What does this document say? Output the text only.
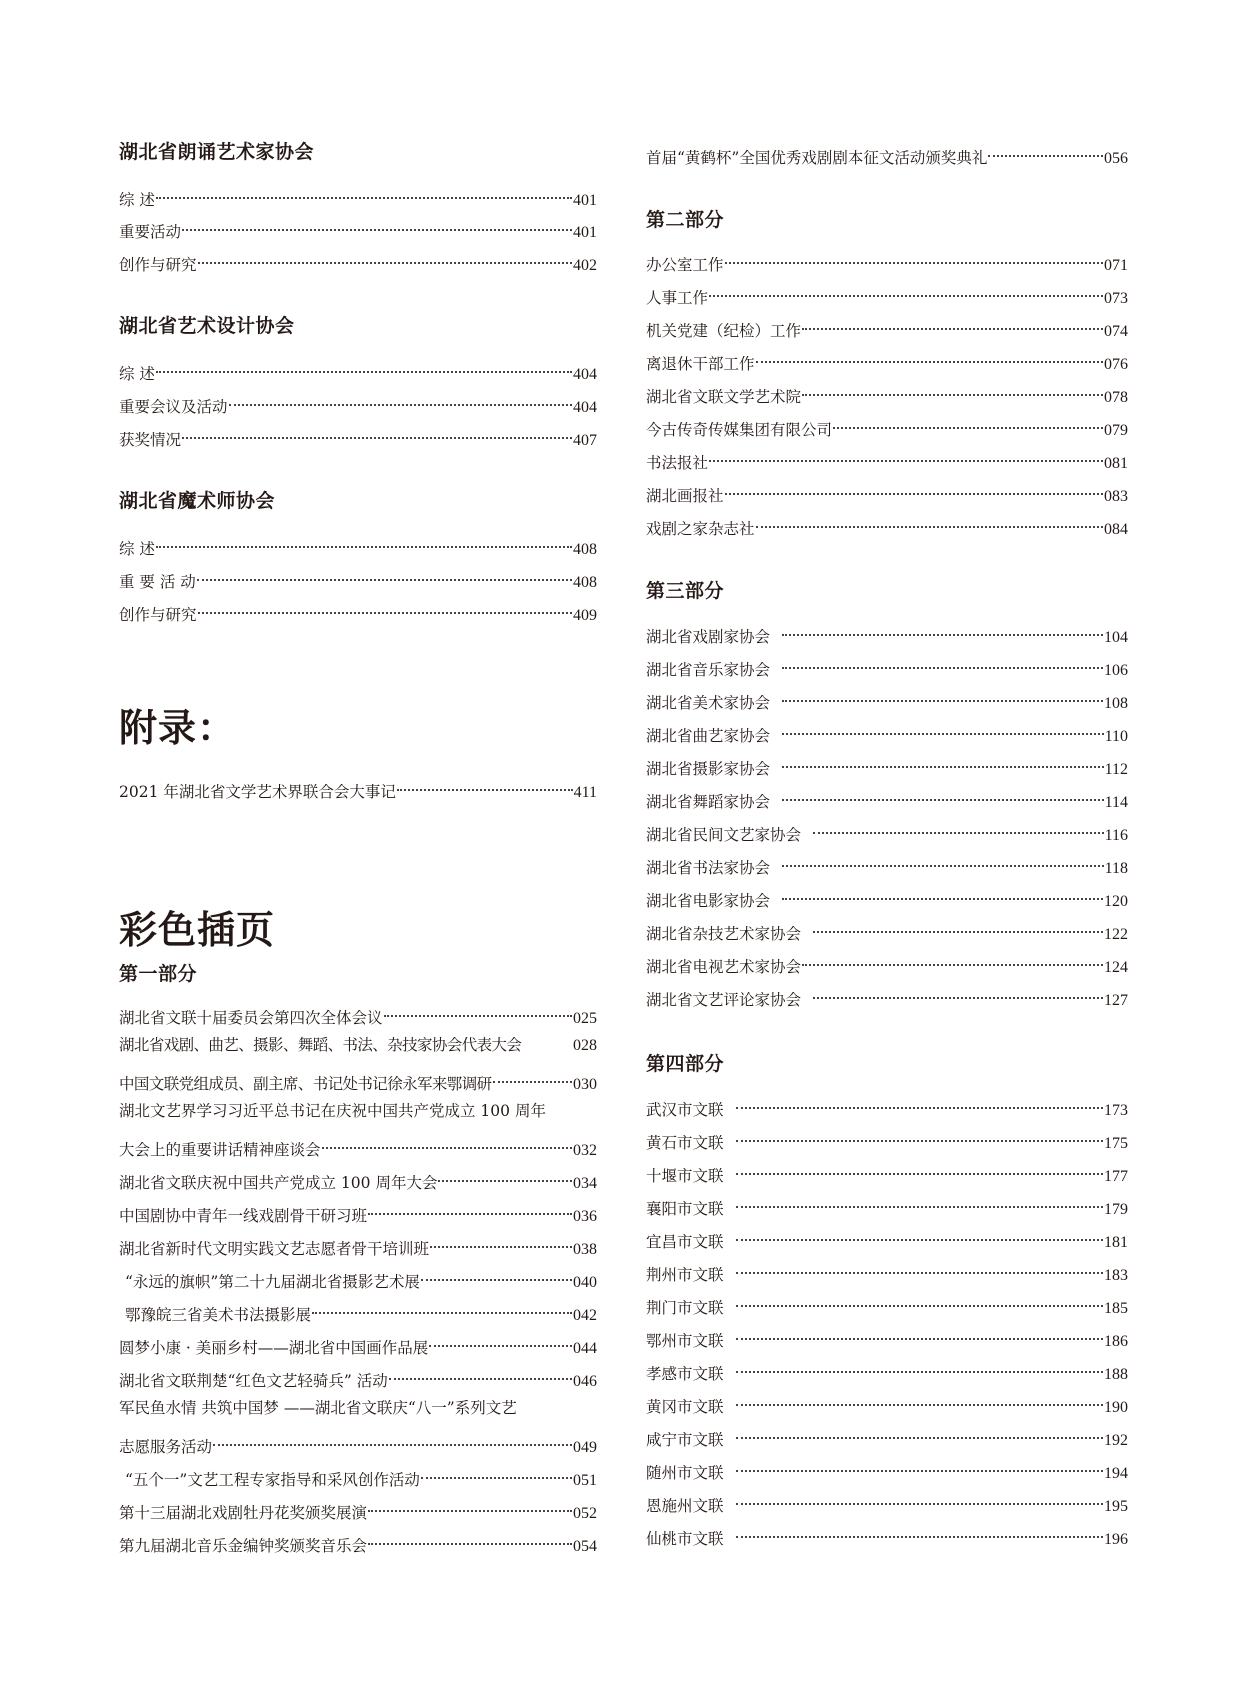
湖北省朗诵艺术家协会
综 述	401
重要活动	401
创作与研究	402
湖北省艺术设计协会
综 述	404
重要会议及活动	404
获奖情况	407
湖北省魔术师协会
综 述	408
重 要 活 动	408
创作与研究	409
附录：
2021 年湖北省文学艺术界联合会大事记	411
彩色插页
第一部分
湖北省文联十届委员会第四次全体会议	025
湖北省戏剧、曲艺、摄影、舞蹈、书法、杂技家协会代表大会	028
中国文联党组成员、副主席、书记处书记徐永军来鄂调研	030
湖北文艺界学习习近平总书记在庆祝中国共产党成立 100 周年
大会上的重要讲话精神座谈会	032
湖北省文联庆祝中国共产党成立 100 周年大会	034
中国剧协中青年一线戏剧骨干研习班	036
湖北省新时代文明实践文艺志愿者骨干培训班	038
“永远的旗帜”第二十九届湖北省摄影艺术展	040
鄂豫皖三省美术书法摄影展	042
圆梦小康 · 美丽乡村——湖北省中国画作品展	044
湖北省文联荆楚“红色文艺轻骑兵” 活动	046
军民鱼水情 共筑中国梦 ——湖北省文联庆“八一”系列文艺
志愿服务活动	049
“五个一”文艺工程专家指导和采风创作活动	051
第十三届湖北戏剧牡丹花奖颁奖展演	052
第九届湖北音乐金编钟奖颁奖音乐会	054
首届“黄鹤杯”全国优秀戏剧剧本征文活动颁奖典礼	056
第二部分
办公室工作	071
人事工作	073
机关党建（纪检）工作	074
离退休干部工作	076
湖北省文联文学艺术院	078
今古传奇传媒集团有限公司	079
书法报社	081
湖北画报社	083
戏剧之家杂志社	084
第三部分
湖北省戏剧家协会	104
湖北省音乐家协会	106
湖北省美术家协会	108
湖北省曲艺家协会	110
湖北省摄影家协会	112
湖北省舞蹈家协会	114
湖北省民间文艺家协会	116
湖北省书法家协会	118
湖北省电影家协会	120
湖北省杂技艺术家协会	122
湖北省电视艺术家协会	124
湖北省文艺评论家协会	127
第四部分
武汉市文联	173
黄石市文联	175
十堰市文联	177
襄阳市文联	179
宜昌市文联	181
荆州市文联	183
荆门市文联	185
鄂州市文联	186
孝感市文联	188
黄冈市文联	190
咸宁市文联	192
随州市文联	194
恩施州文联	195
仙桃市文联	196
